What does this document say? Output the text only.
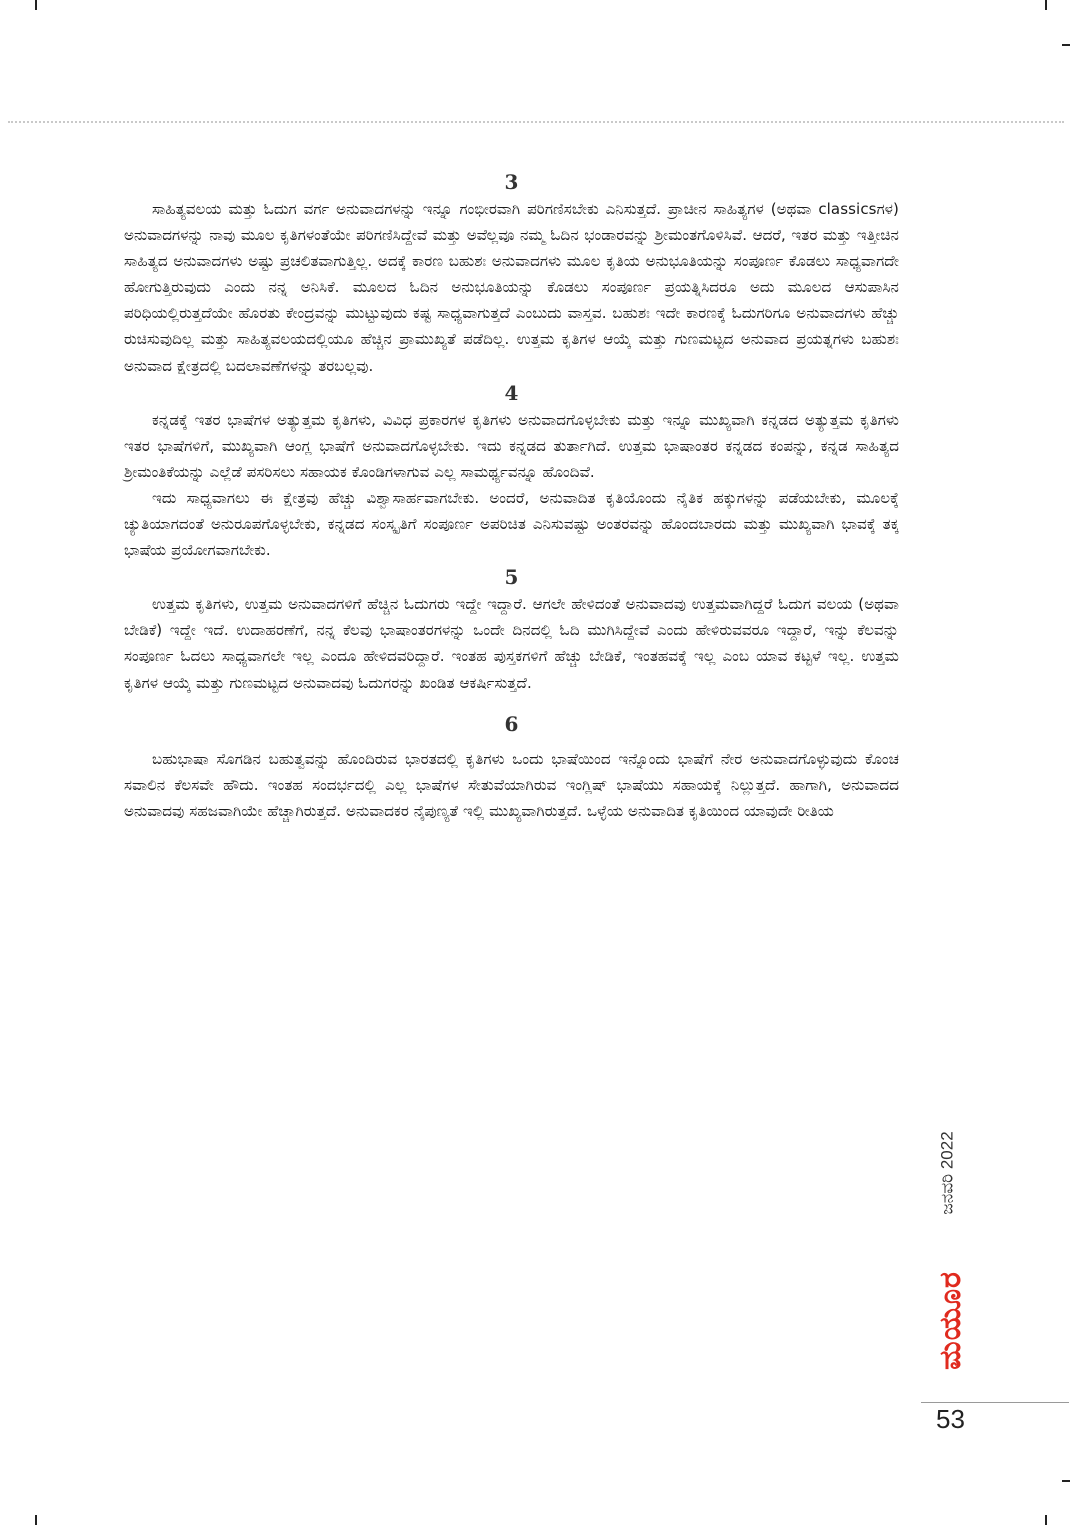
3

ಸಾಹಿತ್ಯವಲಯ ಮತ್ತು ಓದುಗ ವರ್ಗ ಅನುವಾದಗಳನ್ನು ಇನ್ನೂ ಗಂಭೀರವಾಗಿ ಪರಿಗಣಿಸಬೇಕು ಎನಿಸುತ್ತದೆ. ಪ್ರಾಚೀನ ಸಾಹಿತ್ಯಗಳ (ಅಥವಾ classicsಗಳ) ಅನುವಾದಗಳನ್ನು ನಾವು ಮೂಲ ಕೃತಿಗಳಂತೆಯೇ ಪರಿಗಣಿಸಿದ್ದೇವೆ ಮತ್ತು ಅವೆಲ್ಲವೂ ನಮ್ಮ ಓದಿನ ಭಂಡಾರವನ್ನು ಶ್ರೀಮಂತಗೊಳಿಸಿವೆ. ಆದರೆ, ಇತರ ಮತ್ತು ಇತ್ತೀಚಿನ ಸಾಹಿತ್ಯದ ಅನುವಾದಗಳು ಅಷ್ಟು ಪ್ರಚಲಿತವಾಗುತ್ತಿಲ್ಲ. ಅದಕ್ಕೆ ಕಾರಣ ಬಹುಶಃ ಅನುವಾದಗಳು ಮೂಲ ಕೃತಿಯ ಅನುಭೂತಿಯನ್ನು ಸಂಪೂರ್ಣ ಕೊಡಲು ಸಾಧ್ಯವಾಗದೇ ಹೋಗುತ್ತಿರುವುದು ಎಂದು ನನ್ನ ಅನಿಸಿಕೆ. ಮೂಲದ ಓದಿನ ಅನುಭೂತಿಯನ್ನು ಕೊಡಲು ಸಂಪೂರ್ಣ ಪ್ರಯತ್ನಿಸಿದರೂ ಅದು ಮೂಲದ ಆಸುಪಾಸಿನ ಪರಿಧಿಯಲ್ಲಿರುತ್ತದೆಯೇ ಹೊರತು ಕೇಂದ್ರವನ್ನು ಮುಟ್ಟುವುದು ಕಷ್ಟ ಸಾಧ್ಯವಾಗುತ್ತದೆ ಎಂಬುದು ವಾಸ್ತವ. ಬಹುಶಃ ಇದೇ ಕಾರಣಕ್ಕೆ ಓದುಗರಿಗೂ ಅನುವಾದಗಳು ಹೆಚ್ಚು ರುಚಿಸುವುದಿಲ್ಲ ಮತ್ತು ಸಾಹಿತ್ಯವಲಯದಲ್ಲಿಯೂ ಹೆಚ್ಚಿನ ಪ್ರಾಮುಖ್ಯತೆ ಪಡೆದಿಲ್ಲ. ಉತ್ತಮ ಕೃತಿಗಳ ಆಯ್ಕೆ ಮತ್ತು ಗುಣಮಟ್ಟದ ಅನುವಾದ ಪ್ರಯತ್ನಗಳು ಬಹುಶಃ ಅನುವಾದ ಕ್ಷೇತ್ರದಲ್ಲಿ ಬದಲಾವಣೆಗಳನ್ನು ತರಬಲ್ಲವು.

4

ಕನ್ನಡಕ್ಕೆ ಇತರ ಭಾಷೆಗಳ ಅತ್ಯುತ್ತಮ ಕೃತಿಗಳು, ವಿವಿಧ ಪ್ರಕಾರಗಳ ಕೃತಿಗಳು ಅನುವಾದಗೊಳ್ಳಬೇಕು ಮತ್ತು ಇನ್ನೂ ಮುಖ್ಯವಾಗಿ ಕನ್ನಡದ ಅತ್ಯುತ್ತಮ ಕೃತಿಗಳು ಇತರ ಭಾಷೆಗಳಿಗೆ, ಮುಖ್ಯವಾಗಿ ಆಂಗ್ಲ ಭಾಷೆಗೆ ಅನುವಾದಗೊಳ್ಳಬೇಕು. ಇದು ಕನ್ನಡದ ತುರ್ತಾಗಿದೆ. ಉತ್ತಮ ಭಾಷಾಂತರ ಕನ್ನಡದ ಕಂಪನ್ನು, ಕನ್ನಡ ಸಾಹಿತ್ಯದ ಶ್ರೀಮಂತಿಕೆಯನ್ನು ಎಲ್ಲೆಡೆ ಪಸರಿಸಲು ಸಹಾಯಕ ಕೊಂಡಿಗಳಾಗುವ ಎಲ್ಲ ಸಾಮರ್ಥ್ಯವನ್ನೂ ಹೊಂದಿವೆ.

ಇದು ಸಾಧ್ಯವಾಗಲು ಈ ಕ್ಷೇತ್ರವು ಹೆಚ್ಚು ವಿಶ್ವಾಸಾರ್ಹವಾಗಬೇಕು. ಅಂದರೆ, ಅನುವಾದಿತ ಕೃತಿಯೊಂದು ನೈತಿಕ ಹಕ್ಕುಗಳನ್ನು ಪಡೆಯಬೇಕು, ಮೂಲಕ್ಕೆ ಚ್ಯುತಿಯಾಗದಂತೆ ಅನುರೂಪಗೊಳ್ಳಬೇಕು, ಕನ್ನಡದ ಸಂಸ್ಕೃತಿಗೆ ಸಂಪೂರ್ಣ ಅಪರಿಚಿತ ಎನಿಸುವಷ್ಟು ಅಂತರವನ್ನು ಹೊಂದಬಾರದು ಮತ್ತು ಮುಖ್ಯವಾಗಿ ಭಾವಕ್ಕೆ ತಕ್ಕ ಭಾಷೆಯ ಪ್ರಯೋಗವಾಗಬೇಕು.

5

ಉತ್ತಮ ಕೃತಿಗಳು, ಉತ್ತಮ ಅನುವಾದಗಳಿಗೆ ಹೆಚ್ಚಿನ ಓದುಗರು ಇದ್ದೇ ಇದ್ದಾರೆ. ಆಗಲೇ ಹೇಳಿದಂತೆ ಅನುವಾದವು ಉತ್ತಮವಾಗಿದ್ದರೆ ಓದುಗ ವಲಯ (ಅಥವಾ ಬೇಡಿಕೆ) ಇದ್ದೇ ಇದೆ. ಉದಾಹರಣೆಗೆ, ನನ್ನ ಕೆಲವು ಭಾಷಾಂತರಗಳನ್ನು ಒಂದೇ ದಿನದಲ್ಲಿ ಓದಿ ಮುಗಿಸಿದ್ದೇವೆ ಎಂದು ಹೇಳಿರುವವರೂ ಇದ್ದಾರೆ, ಇನ್ನು ಕೆಲವನ್ನು ಸಂಪೂರ್ಣ ಓದಲು ಸಾಧ್ಯವಾಗಲೇ ಇಲ್ಲ ಎಂದೂ ಹೇಳಿದವರಿದ್ದಾರೆ. ಇಂತಹ ಪುಸ್ತಕಗಳಿಗೆ ಹೆಚ್ಚು ಬೇಡಿಕೆ, ಇಂತಹವಕ್ಕೆ ಇಲ್ಲ ಎಂಬ ಯಾವ ಕಟ್ಟಳೆ ಇಲ್ಲ. ಉತ್ತಮ ಕೃತಿಗಳ ಆಯ್ಕೆ ಮತ್ತು ಗುಣಮಟ್ಟದ ಅನುವಾದವು ಓದುಗರನ್ನು ಖಂಡಿತ ಆಕರ್ಷಿಸುತ್ತದೆ.

6

ಬಹುಭಾಷಾ ಸೊಗಡಿನ ಬಹುತ್ವವನ್ನು ಹೊಂದಿರುವ ಭಾರತದಲ್ಲಿ ಕೃತಿಗಳು ಒಂದು ಭಾಷೆಯಿಂದ ಇನ್ನೊಂದು ಭಾಷೆಗೆ ನೇರ ಅನುವಾದಗೊಳ್ಳುವುದು ಕೊಂಚ ಸವಾಲಿನ ಕೆಲಸವೇ ಹೌದು. ಇಂತಹ ಸಂದರ್ಭದಲ್ಲಿ ಎಲ್ಲ ಭಾಷೆಗಳ ಸೇತುವೆಯಾಗಿರುವ ಇಂಗ್ಲಿಷ್ ಭಾಷೆಯು ಸಹಾಯಕ್ಕೆ ನಿಲ್ಲುತ್ತದೆ. ಹಾಗಾಗಿ, ಅನುವಾದದ ಅನುವಾದವು ಸಹಜವಾಗಿಯೇ ಹೆಚ್ಚಾಗಿರುತ್ತದೆ. ಅನುವಾದಕರ ನೈಪುಣ್ಯತೆ ಇಲ್ಲಿ ಮುಖ್ಯವಾಗಿರುತ್ತದೆ. ಒಳ್ಳೆಯ ಅನುವಾದಿತ ಕೃತಿಯಿಂದ ಯಾವುದೇ ರೀತಿಯ

ಜನವರಿ 2022
ಮಯೂರ
53
